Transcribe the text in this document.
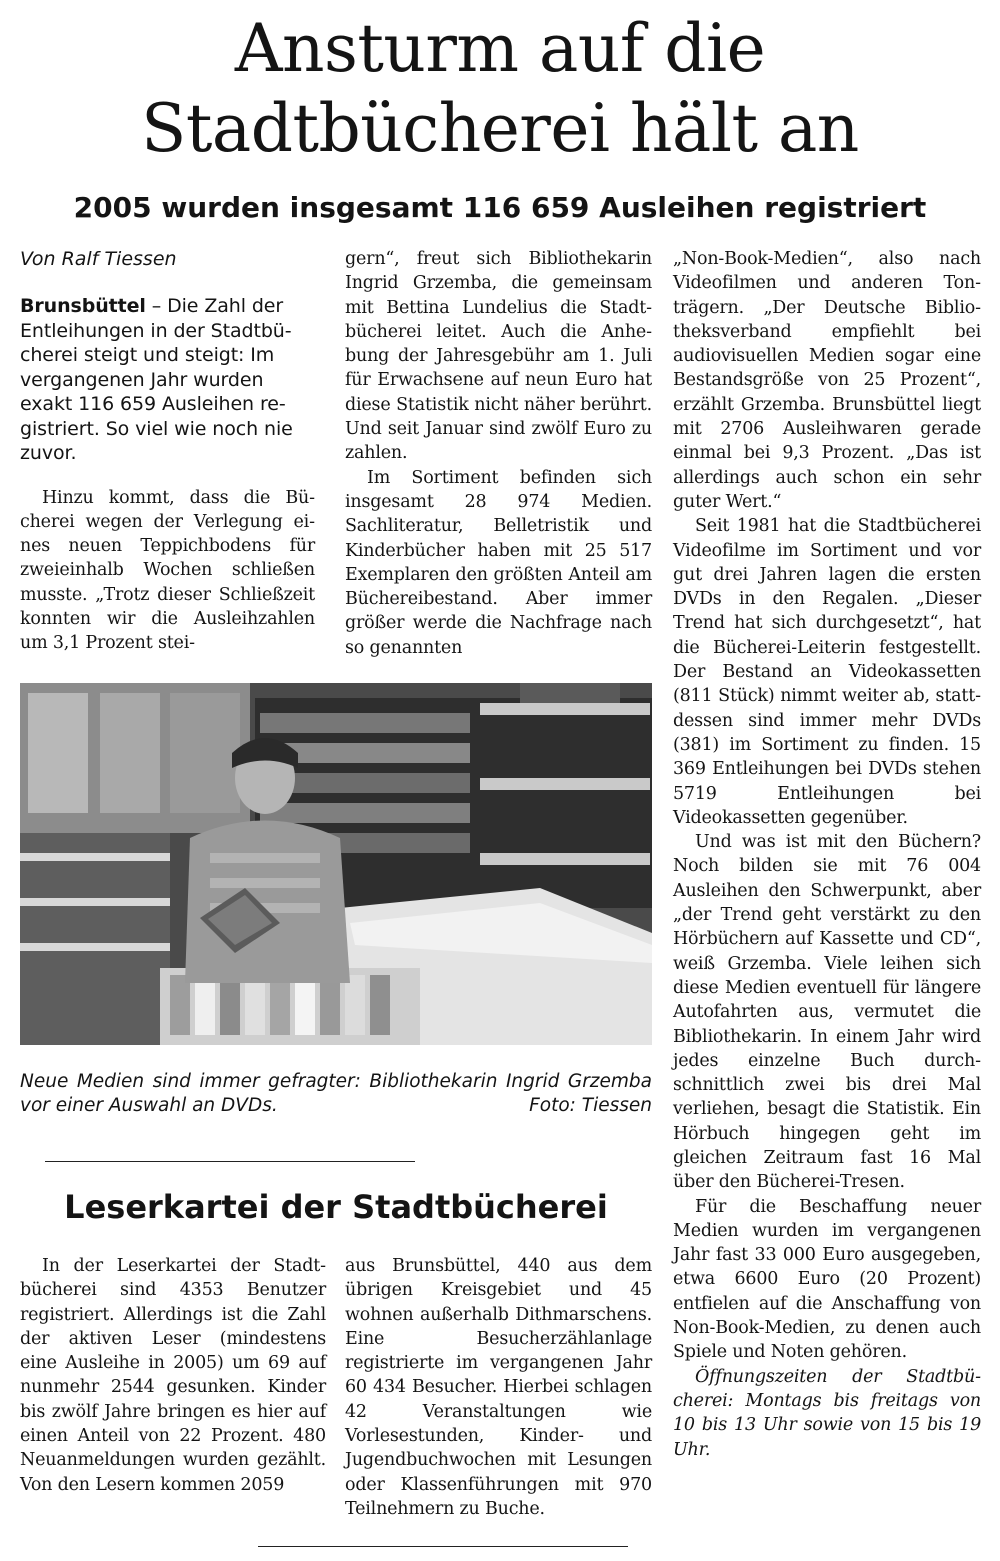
Ansturm auf die
Stadtbücherei hält an
2005 wurden insgesamt 116 659 Ausleihen registriert

Von Ralf Tiessen

Brunsbüttel – Die Zahl der Entleihungen in der Stadtbücherei steigt und steigt: Im vergangenen Jahr wurden exakt 116 659 Ausleihen registriert. So viel wie noch nie zuvor.

Hinzu kommt, dass die Bücherei wegen der Verlegung eines neuen Teppichbodens für zweieinhalb Wochen schließen musste. „Trotz dieser Schließzeit konnten wir die Ausleihzahlen um 3,1 Prozent stei-

gern“, freut sich Bibliothekarin Ingrid Grzemba, die gemeinsam mit Bettina Lundelius die Stadtbücherei leitet. Auch die Anhebung der Jahresgebühr am 1. Juli für Erwachsene auf neun Euro hat diese Statistik nicht näher berührt. Und seit Januar sind zwölf Euro zu zahlen.

Im Sortiment befinden sich insgesamt 28 974 Medien. Sachliteratur, Belletristik und Kinderbücher haben mit 25 517 Exemplaren den größten Anteil am Büchereibestand. Aber immer größer werde die Nachfrage nach so genannten

„Non-Book-Medien“, also nach Videofilmen und anderen Tonträgern. „Der Deutsche Bibliotheksverband empfiehlt bei audiovisuellen Medien sogar eine Bestandsgröße von 25 Prozent“, erzählt Grzemba. Brunsbüttel liegt mit 2706 Ausleihwaren gerade einmal bei 9,3 Prozent. „Das ist allerdings auch schon ein sehr guter Wert.“

Seit 1981 hat die Stadtbücherei Videofilme im Sortiment und vor gut drei Jahren lagen die ersten DVDs in den Regalen. „Dieser Trend hat sich durchgesetzt“, hat die Bücherei-Leiterin festgestellt. Der Bestand an Videokassetten (811 Stück) nimmt weiter ab, stattdessen sind immer mehr DVDs (381) im Sortiment zu finden. 15 369 Entleihungen bei DVDs stehen 5719 Entleihungen bei Videokassetten gegenüber.

Und was ist mit den Büchern? Noch bilden sie mit 76 004 Ausleihen den Schwerpunkt, aber „der Trend geht verstärkt zu den Hörbüchern auf Kassette und CD“, weiß Grzemba. Viele leihen sich diese Medien eventuell für längere Autofahrten aus, vermutet die Bibliothekarin. In einem Jahr wird jedes einzelne Buch durchschnittlich zwei bis drei Mal verliehen, besagt die Statistik. Ein Hörbuch hingegen geht im gleichen Zeitraum fast 16 Mal über den Bücherei-Tresen.

Für die Beschaffung neuer Medien wurden im vergangenen Jahr fast 33 000 Euro ausgegeben, etwa 6600 Euro (20 Prozent) entfielen auf die Anschaffung von Non-Book-Medien, zu denen auch Spiele und Noten gehören.

Öffnungszeiten der Stadtbücherei: Montags bis freitags von 10 bis 13 Uhr sowie von 15 bis 19 Uhr.

Neue Medien sind immer gefragter: Bibliothekarin Ingrid Grzemba vor einer Auswahl an DVDs.	Foto: Tiessen

Leserkartei der Stadtbücherei

In der Leserkartei der Stadtbücherei sind 4353 Benutzer registriert. Allerdings ist die Zahl der aktiven Leser (mindestens eine Ausleihe in 2005) um 69 auf nunmehr 2544 gesunken. Kinder bis zwölf Jahre bringen es hier auf einen Anteil von 22 Prozent. 480 Neuanmeldungen wurden gezählt. Von den Lesern kommen 2059

aus Brunsbüttel, 440 aus dem übrigen Kreisgebiet und 45 wohnen außerhalb Dithmarschens. Eine Besucherzählanlage registrierte im vergangenen Jahr 60 434 Besucher. Hierbei schlagen 42 Veranstaltungen wie Vorlesestunden, Kinder- und Jugendbuchwochen mit Lesungen oder Klassenführungen mit 970 Teilnehmern zu Buche.
